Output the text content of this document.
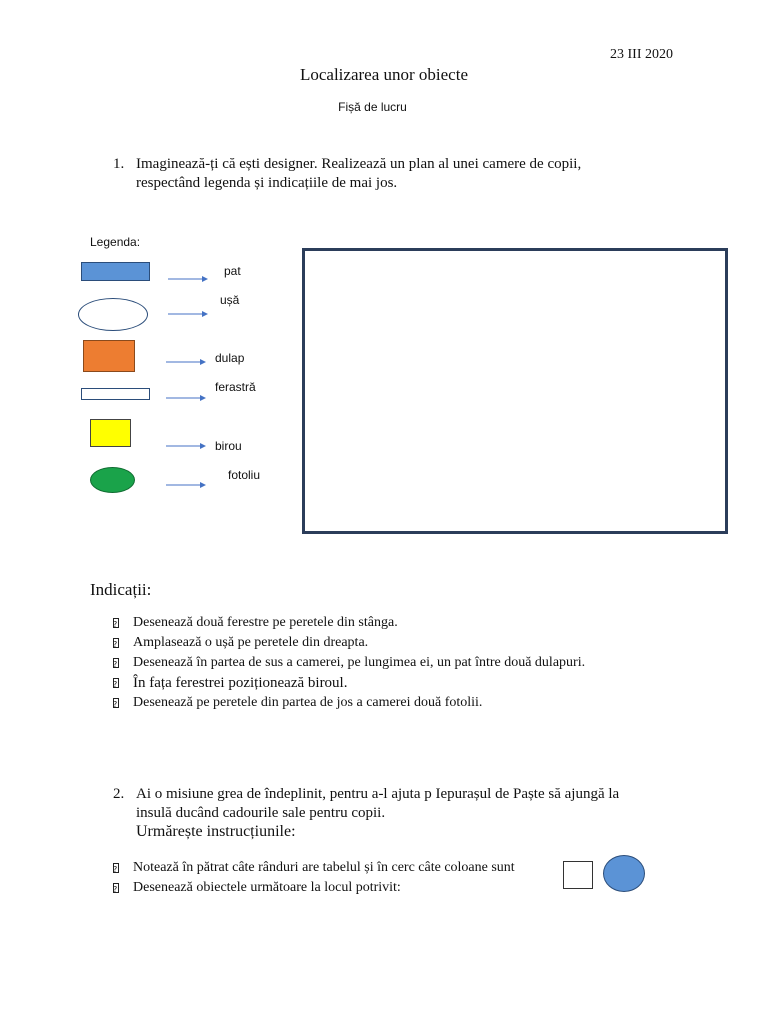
23 III 2020
Localizarea unor obiecte
Fișă de lucru
1. Imaginează-ți că ești designer. Realizează un plan al unei camere de copii,
respectând legenda și indicațiile de mai jos.
Legenda:
pat
ușă
dulap
ferastră
birou
fotoliu
Indicații:
?
Desenează două ferestre pe peretele din stânga.
?
Amplasează o ușă pe peretele din dreapta.
?
Desenează în partea de sus a camerei, pe lungimea ei, un pat între două dulapuri.
?
În fața ferestrei poziționează biroul.
?
Desenează pe peretele din partea de jos a camerei două fotolii.
2. Ai o misiune grea de îndeplinit, pentru a-l ajuta p Iepurașul de Paște să ajungă la
insulă ducând cadourile sale pentru copii.
Urmărește instrucțiunile:
?
Notează în pătrat câte rânduri are tabelul și în cerc câte coloane sunt
?
Desenează obiectele următoare la locul potrivit:
